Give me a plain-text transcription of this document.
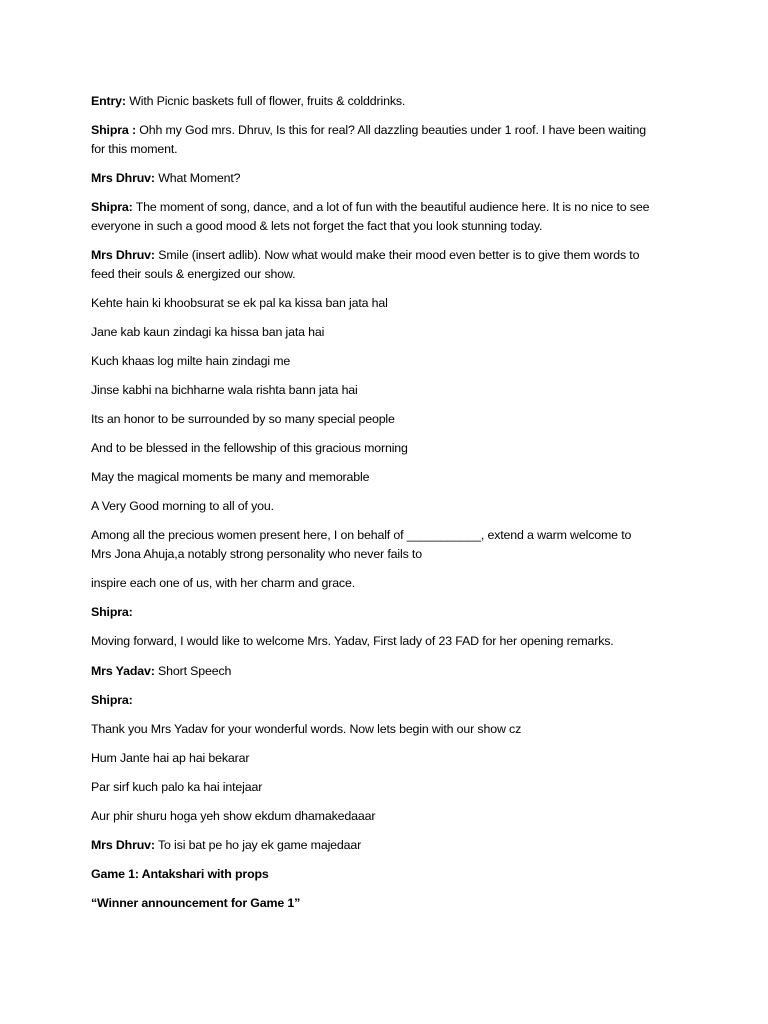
Entry: With Picnic baskets full of flower, fruits & colddrinks.
Shipra : Ohh my God mrs. Dhruv, Is this for real? All dazzling beauties under 1 roof. I have been waiting
for this moment.
Mrs Dhruv: What Moment?
Shipra: The moment of song, dance, and a lot of fun with the beautiful audience here. It is no nice to see
everyone in such a good mood & lets not forget the fact that you look stunning today.
Mrs Dhruv: Smile (insert adlib). Now what would make their mood even better is to give them words to
feed their souls & energized our show.
Kehte hain ki khoobsurat se ek pal ka kissa ban jata hal
Jane kab kaun zindagi ka hissa ban jata hai
Kuch khaas log milte hain zindagi me
Jinse kabhi na bichharne wala rishta bann jata hai
Its an honor to be surrounded by so many special people
And to be blessed in the fellowship of this gracious morning
May the magical moments be many and memorable
A Very Good morning to all of you.
Among all the precious women present here, I on behalf of ___________, extend a warm welcome to
Mrs Jona Ahuja,a notably strong personality who never fails to
inspire each one of us, with her charm and grace.
Shipra:
Moving forward, I would like to welcome Mrs. Yadav, First lady of 23 FAD for her opening remarks.
Mrs Yadav: Short Speech
Shipra:
Thank you Mrs Yadav for your wonderful words. Now lets begin with our show cz
Hum Jante hai ap hai bekarar
Par sirf kuch palo ka hai intejaar
Aur phir shuru hoga yeh show ekdum dhamakedaaar
Mrs Dhruv: To isi bat pe ho jay ek game majedaar
Game 1: Antakshari with props
“Winner announcement for Game 1”
